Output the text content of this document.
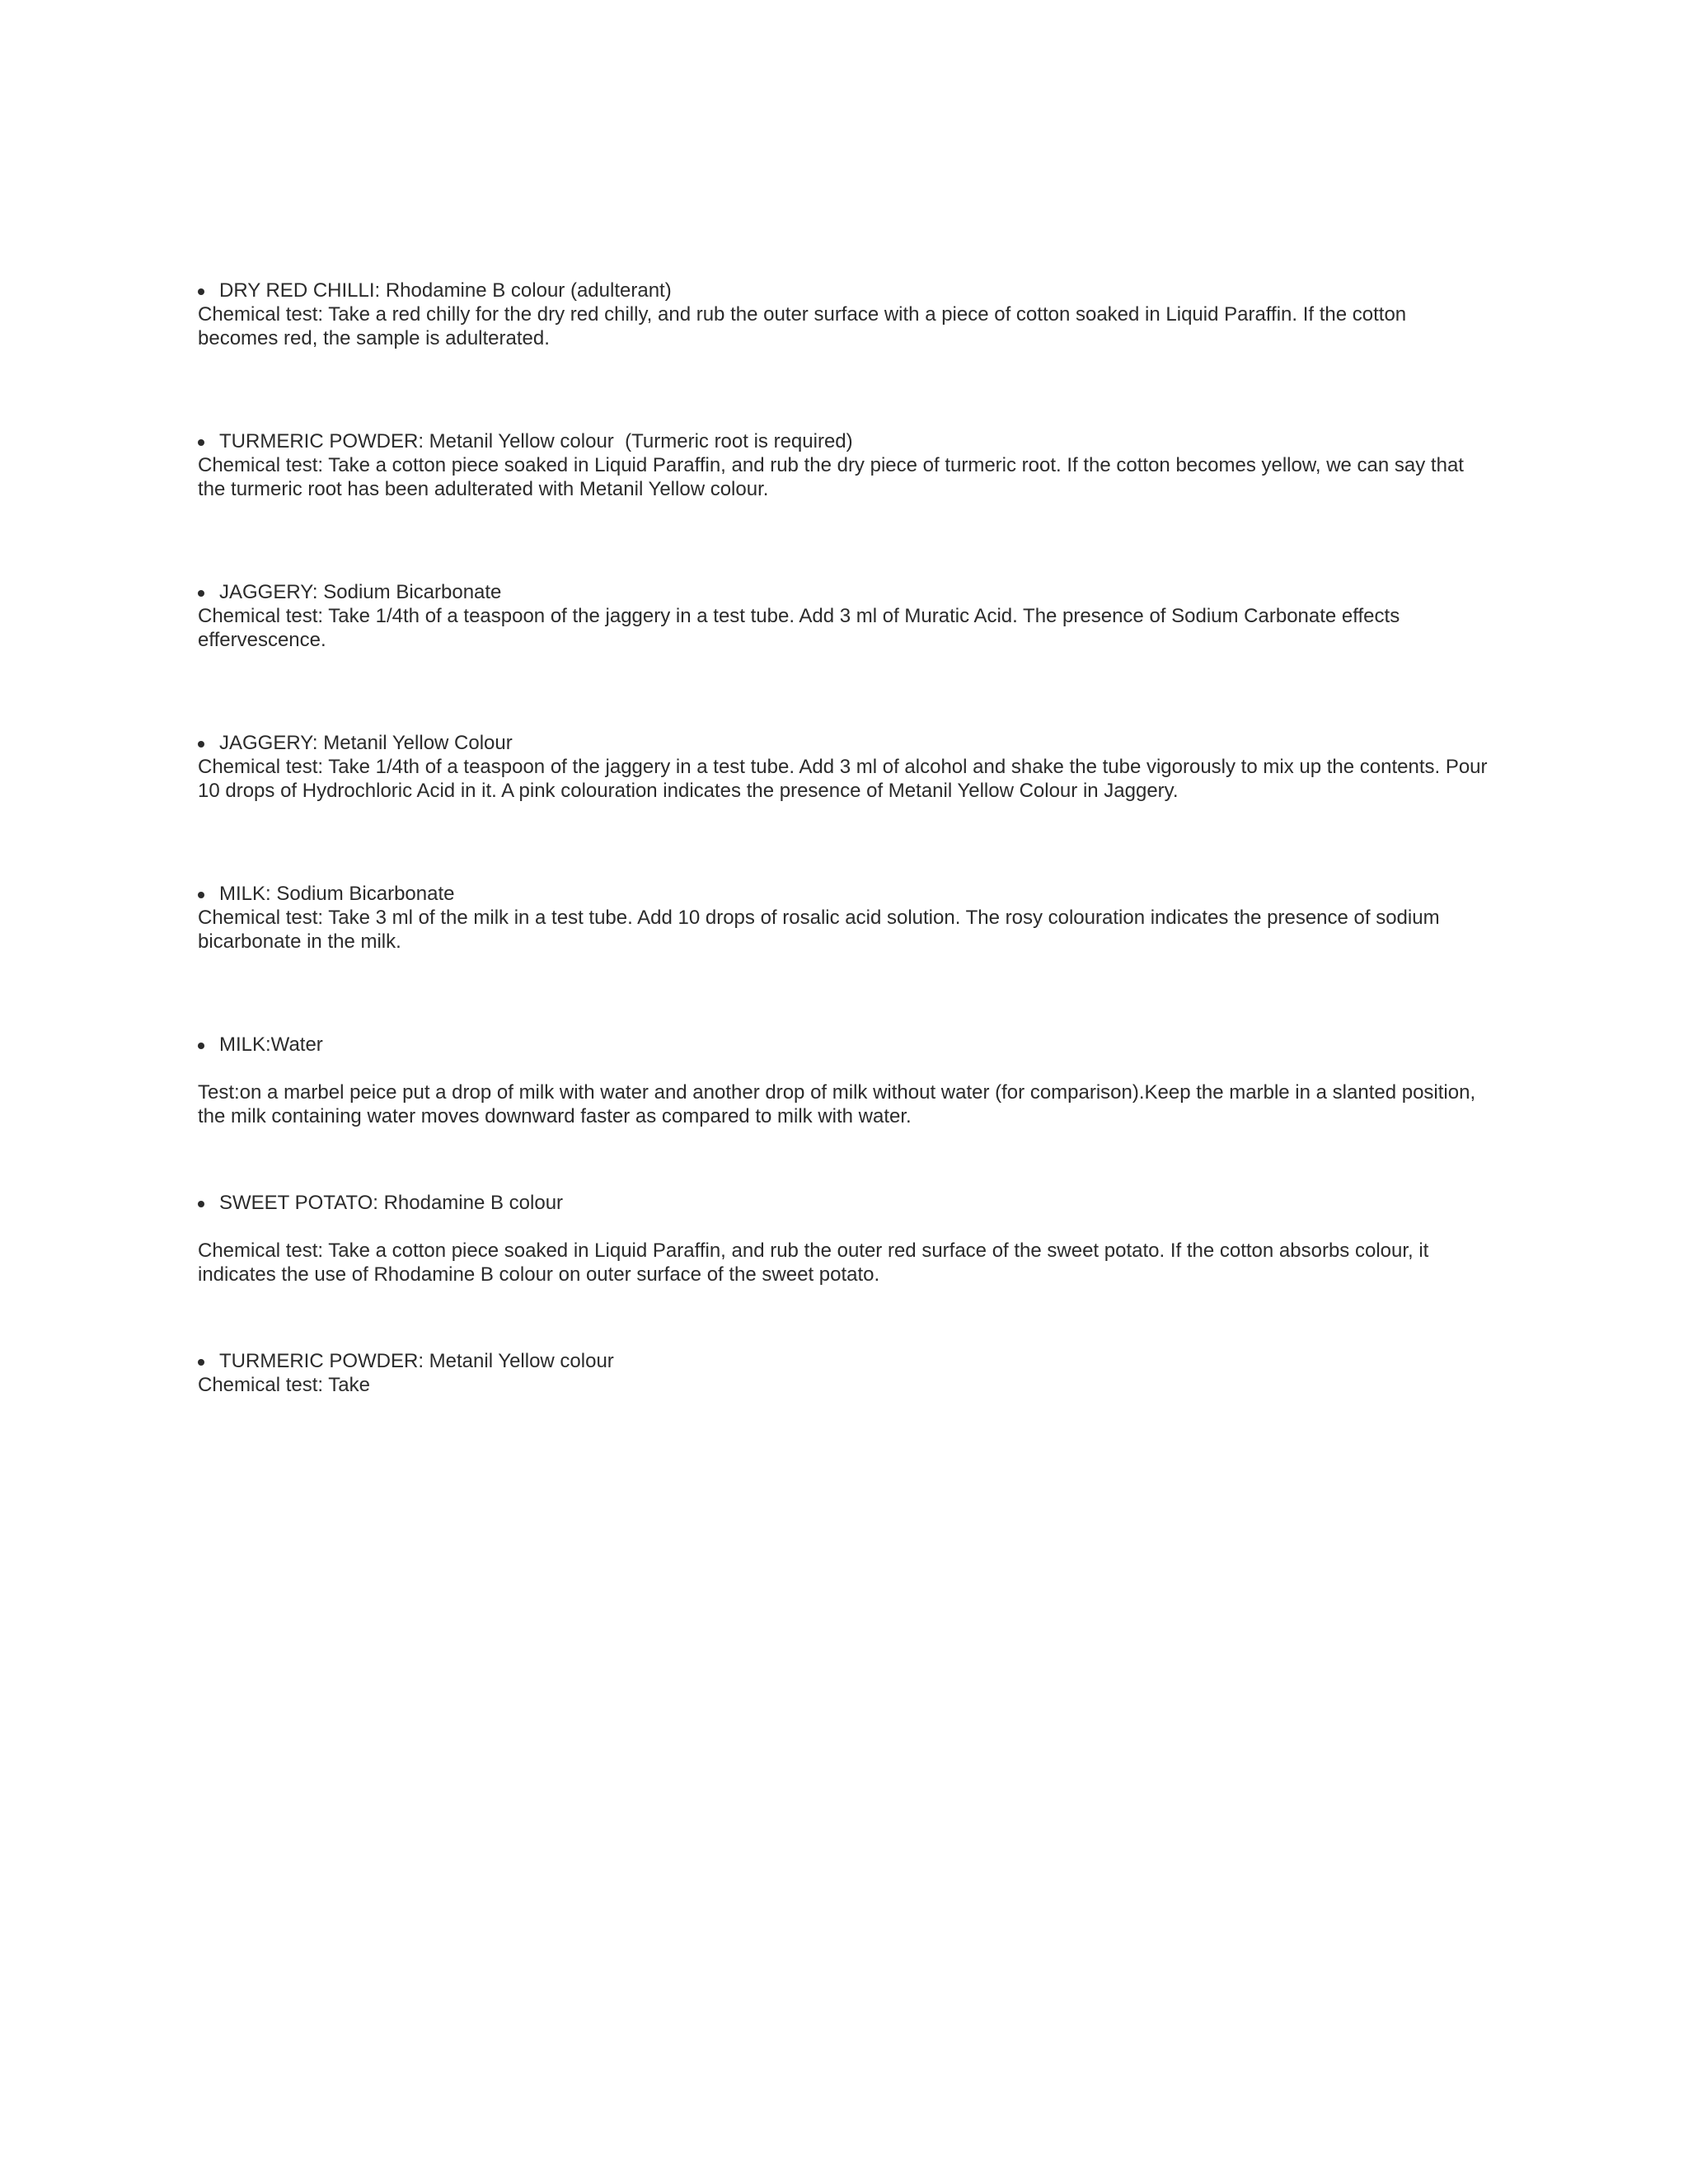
DRY RED CHILLI: Rhodamine B colour (adulterant)
Chemical test: Take a red chilly for the dry red chilly, and rub the outer surface with a piece of cotton soaked in Liquid Paraffin. If the cotton becomes red, the sample is adulterated.
TURMERIC POWDER: Metanil Yellow colour  (Turmeric root is required)
Chemical test: Take a cotton piece soaked in Liquid Paraffin, and rub the dry piece of turmeric root. If the cotton becomes yellow, we can say that the turmeric root has been adulterated with Metanil Yellow colour.
JAGGERY: Sodium Bicarbonate
Chemical test: Take 1/4th of a teaspoon of the jaggery in a test tube. Add 3 ml of Muratic Acid. The presence of Sodium Carbonate effects effervescence.
JAGGERY: Metanil Yellow Colour
Chemical test: Take 1/4th of a teaspoon of the jaggery in a test tube. Add 3 ml of alcohol and shake the tube vigorously to mix up the contents. Pour 10 drops of Hydrochloric Acid in it. A pink colouration indicates the presence of Metanil Yellow Colour in Jaggery.
MILK: Sodium Bicarbonate
Chemical test: Take 3 ml of the milk in a test tube. Add 10 drops of rosalic acid solution. The rosy colouration indicates the presence of sodium bicarbonate in the milk.
MILK:Water
Test:on a marbel peice put a drop of milk with water and another drop of milk without water (for comparison).Keep the marble in a slanted position, the milk containing water moves downward faster as compared to milk with water.
SWEET POTATO: Rhodamine B colour
Chemical test: Take a cotton piece soaked in Liquid Paraffin, and rub the outer red surface of the sweet potato. If the cotton absorbs colour, it indicates the use of Rhodamine B colour on outer surface of the sweet potato.
TURMERIC POWDER: Metanil Yellow colour
Chemical test: Take
